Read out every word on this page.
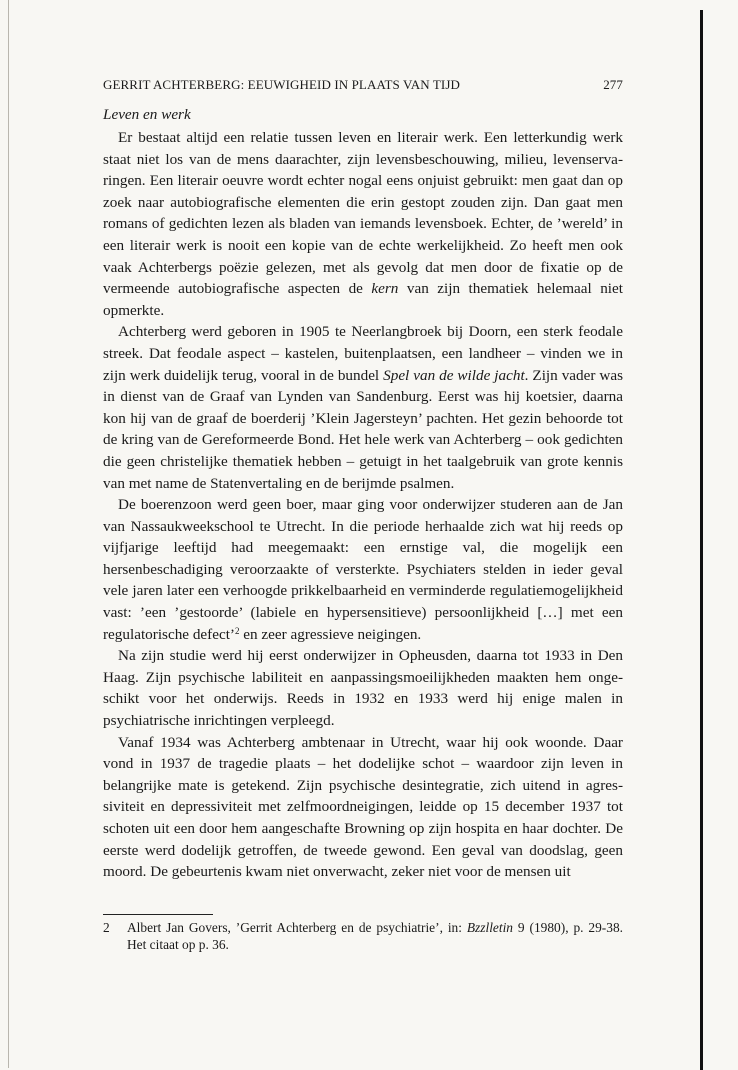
GERRIT ACHTERBERG: EEUWIGHEID IN PLAATS VAN TIJD	277
Leven en werk

Er bestaat altijd een relatie tussen leven en literair werk. Een letterkundig werk staat niet los van de mens daarachter, zijn levensbeschouwing, milieu, levenservaringen. Een literair oeuvre wordt echter nogal eens onjuist gebruikt: men gaat dan op zoek naar autobiografische elementen die erin gestopt zouden zijn. Dan gaat men romans of gedichten lezen als bladen van iemands levensboek. Echter, de ’wereld’ in een literair werk is nooit een kopie van de echte werkelijkheid. Zo heeft men ook vaak Achterbergs poëzie gelezen, met als gevolg dat men door de fixatie op de vermeende autobiografische aspecten de kern van zijn thematiek helemaal niet opmerkte.

Achterberg werd geboren in 1905 te Neerlangbroek bij Doorn, een sterk feodale streek. Dat feodale aspect – kastelen, buitenplaatsen, een landheer – vinden we in zijn werk duidelijk terug, vooral in de bundel Spel van de wilde jacht. Zijn vader was in dienst van de Graaf van Lynden van Sandenburg. Eerst was hij koetsier, daarna kon hij van de graaf de boerderij ’Klein Jagersteyn’ pachten. Het gezin behoorde tot de kring van de Gereformeerde Bond. Het hele werk van Achterberg – ook gedichten die geen christelijke thematiek hebben – getuigt in het taalgebruik van grote kennis van met name de Statenvertaling en de berijmde psalmen.

De boerenzoon werd geen boer, maar ging voor onderwijzer studeren aan de Jan van Nassaukweekschool te Utrecht. In die periode herhaalde zich wat hij reeds op vijfjarige leeftijd had meegemaakt: een ernstige val, die mogelijk een hersenbeschadiging veroorzaakte of versterkte. Psychiaters stelden in ieder geval vele jaren later een verhoogde prikkelbaarheid en verminderde regulatiemogelijkheid vast: ’een ’gestoorde’ (labiele en hypersensitieve) persoonlijkheid […] met een regulatorische defect’$^2$ en zeer agressieve neigingen.

Na zijn studie werd hij eerst onderwijzer in Opheusden, daarna tot 1933 in Den Haag. Zijn psychische labiliteit en aanpassingsmoeilijkheden maakten hem ongeschikt voor het onderwijs. Reeds in 1932 en 1933 werd hij enige malen in psychiatrische inrichtingen verpleegd.

Vanaf 1934 was Achterberg ambtenaar in Utrecht, waar hij ook woonde. Daar vond in 1937 de tragedie plaats – het dodelijke schot – waardoor zijn leven in belangrijke mate is getekend. Zijn psychische desintegratie, zich uitend in agressiviteit en depressiviteit met zelfmoordneigingen, leidde op 15 december 1937 tot schoten uit een door hem aangeschafte Browning op zijn hospita en haar dochter. De eerste werd dodelijk getroffen, de tweede gewond. Een geval van doodslag, geen moord. De gebeurtenis kwam niet onverwacht, zeker niet voor de mensen uit

2	Albert Jan Govers, ’Gerrit Achterberg en de psychiatrie’, in: Bzzlletin 9 (1980), p. 29-38. Het citaat op p. 36.
